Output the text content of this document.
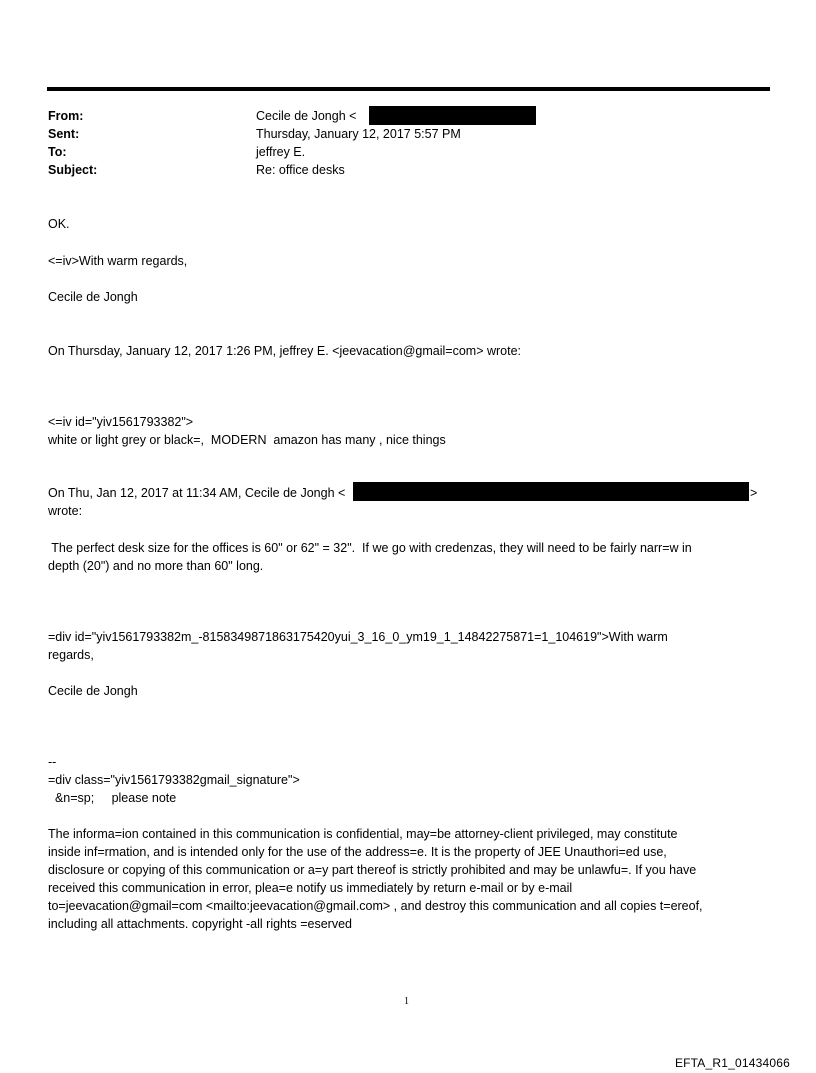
From:	Cecile de Jongh <
Sent:	Thursday, January 12, 2017 5:57 PM
To:	jeffrey E.
Subject:	Re: office desks
OK.
<=iv>With warm regards,
Cecile de Jongh
On Thursday, January 12, 2017 1:26 PM, jeffrey E. <jeevacation@gmail=com> wrote:
<=iv id="yiv1561793382">
white or light grey or black=,  MODERN  amazon has many , nice things
On Thu, Jan 12, 2017 at 11:34 AM, Cecile de Jongh <	>
wrote:
The perfect desk size for the offices is 60" or 62" = 32".  If we go with credenzas, they will need to be fairly narr=w in
depth (20") and no more than 60" long.
=div id="yiv1561793382m_-8158349871863175420yui_3_16_0_ym19_1_14842275871=1_104619">With warm
regards,
Cecile de Jongh
--
=div class="yiv1561793382gmail_signature">
&n=sp;     please note
The informa=ion contained in this communication is confidential, may=be attorney-client privileged, may constitute
inside inf=rmation, and is intended only for the use of the address=e. It is the property of JEE Unauthori=ed use,
disclosure or copying of this communication or a=y part thereof is strictly prohibited and may be unlawfu=. If you have
received this communication in error, plea=e notify us immediately by return e-mail or by e-mail
to=jeevacation@gmail=com <mailto:jeevacation@gmail.com> , and destroy this communication and all copies t=ereof,
including all attachments. copyright -all rights =eserved
1
EFTA_R1_01434066
